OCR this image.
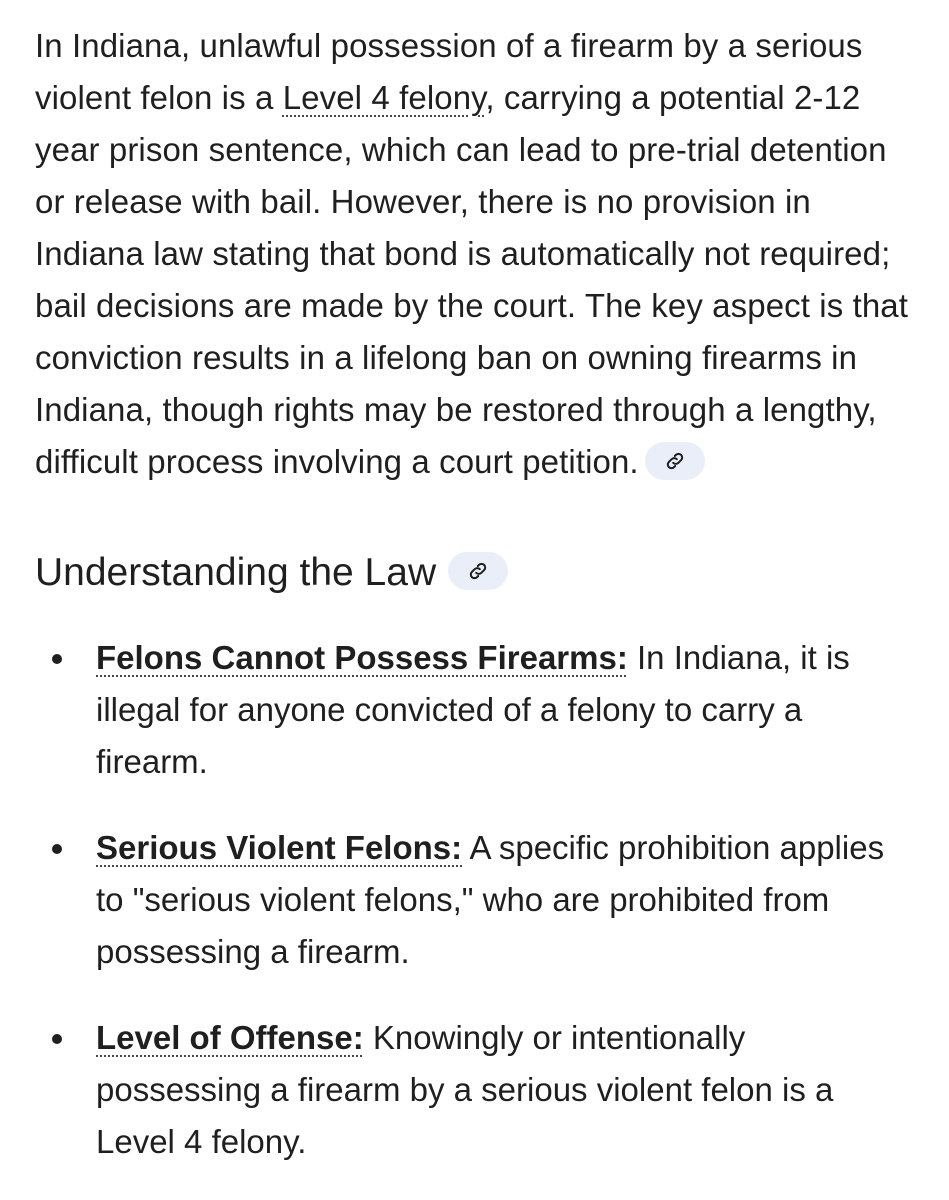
In Indiana, unlawful possession of a firearm by a serious violent felon is a Level 4 felony, carrying a potential 2-12 year prison sentence, which can lead to pre-trial detention or release with bail. However, there is no provision in Indiana law stating that bond is automatically not required; bail decisions are made by the court. The key aspect is that conviction results in a lifelong ban on owning firearms in Indiana, though rights may be restored through a lengthy, difficult process involving a court petition.

Understanding the Law
Felons Cannot Possess Firearms: In Indiana, it is illegal for anyone convicted of a felony to carry a firearm.
Serious Violent Felons: A specific prohibition applies to "serious violent felons," who are prohibited from possessing a firearm.
Level of Offense: Knowingly or intentionally possessing a firearm by a serious violent felon is a Level 4 felony.
